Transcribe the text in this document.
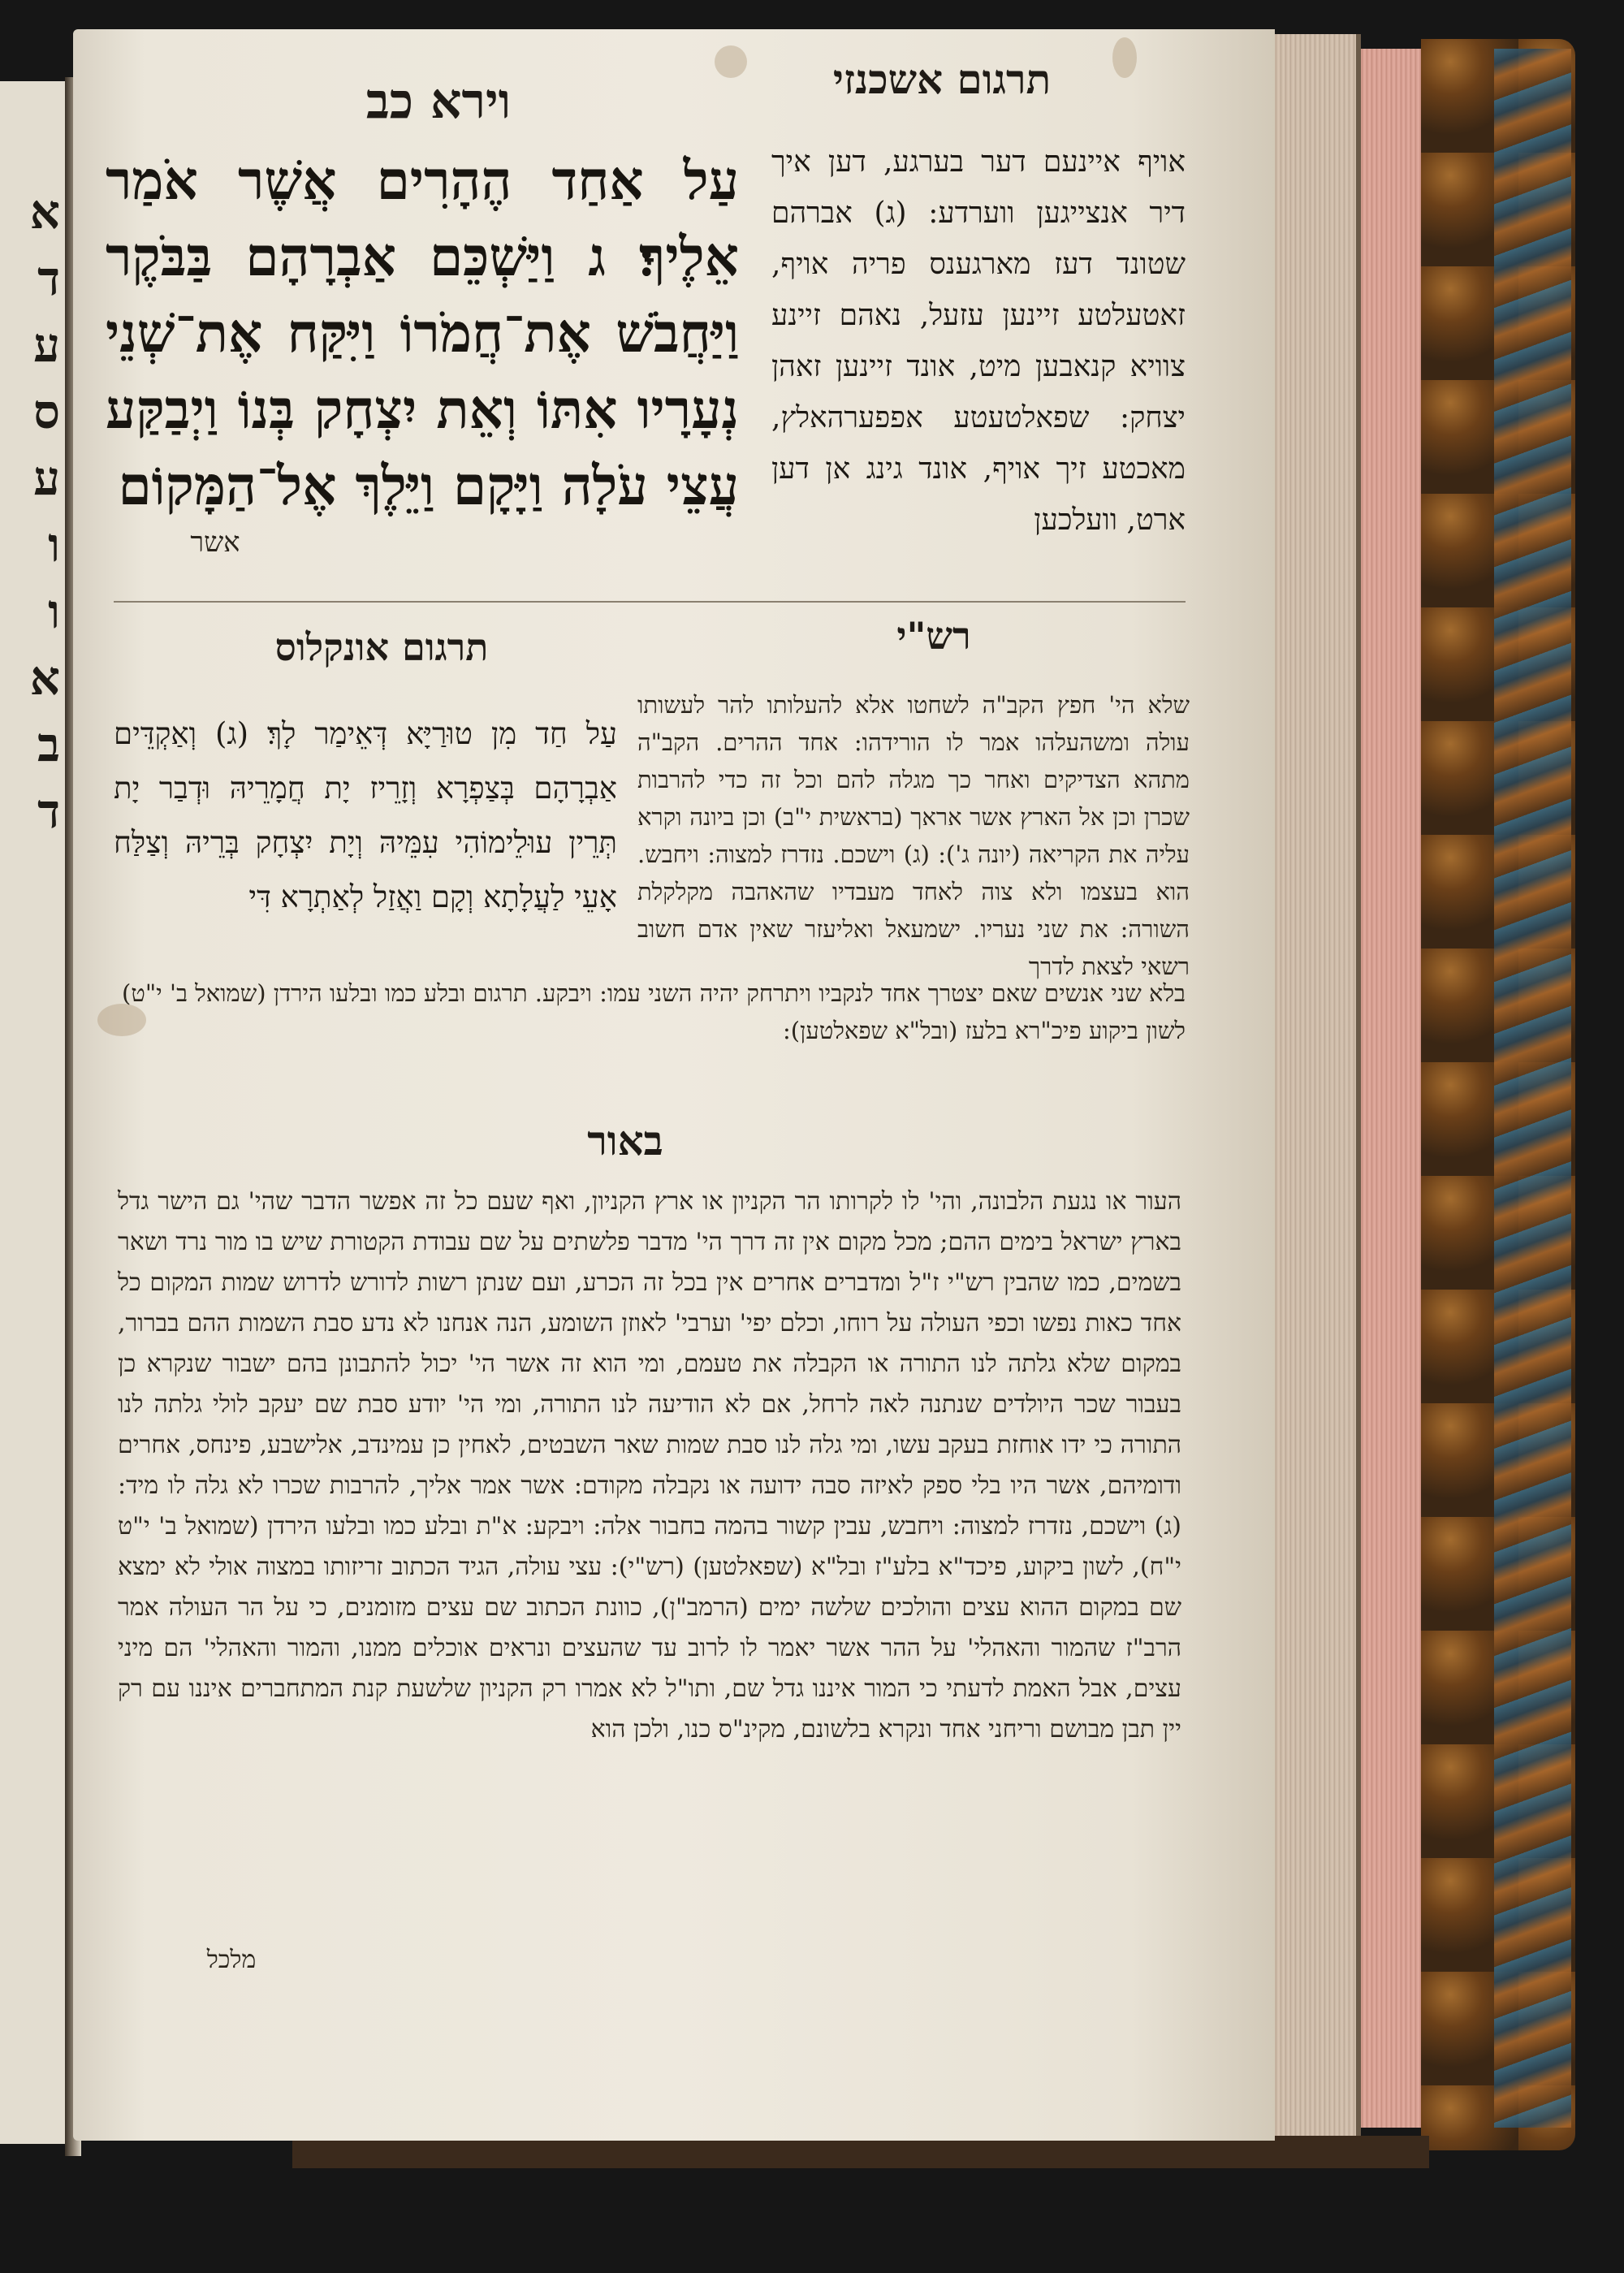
א
ד
ע
ס
ע
ו
ו
א
ב
ד
וירא כב	תרגום אשכנזי
עַל אַחַד הֶהָרִים אֲשֶׁר אֹמַר אֵלֶיךָ׃ ג וַיַּשְׁכֵּם אַבְרָהָם בַּבֹּקֶר וַיַּחֲבֹשׁ אֶת־חֲמֹרוֹ וַיִּקַּח אֶת־שְׁנֵי נְעָרָיו אִתּוֹ וְאֵת יִצְחָק בְּנוֹ וַיְבַקַּע עֲצֵי עֹלָה וַיָּקָם וַיֵּלֶךְ אֶל־הַמָּקוֹם
אשר
אויף איינעם דער בערגע, דען איך דיר אנצייגען ווערדע: (ג) אברהם שטונד דעז מארגענס פריה אויף, זאטעלטע זיינען עזעל, נאהם זיינע צוויא קנאבען מיט, אונד זיינען זאהן יצחק: שפאלטעטע אפפערהאלץ, מאכטע זיך אויף, אונד גינג אן דען ארט, וועלכען
תרגום אונקלוס	רש"י
עַל חַד מִן טוּרַיָּא דְּאֵימַר לָךְ׃ (ג) וְאַקְדֵּים אַבְרָהָם בְּצַפְרָא וְזָרֵיז יָת חֲמָרֵיהּ וּדְבַר יָת תְּרֵין עוּלֵימוֹהִי עִמֵּיהּ וְיָת יִצְחָק בְּרֵיהּ וְצַלַּח אָעֵי לַעֲלָתָא וְקָם וַאֲזַל לְאַתְרָא דִּי
שלא הי' חפץ הקב"ה לשחטו אלא להעלותו להר לעשותו עולה ומשהעלהו אמר לו הורידהו: אחד ההרים. הקב"ה מתהא הצדיקים ואחר כך מגלה להם וכל זה כדי להרבות שכרן וכן אל הארץ אשר אראך (בראשית י"ב) וכן ביונה וקרא עליה את הקריאה (יונה ג'): (ג) וישכם. נזדרז למצוה: ויחבש. הוא בעצמו ולא צוה לאחד מעבדיו שהאהבה מקלקלת השורה: את שני נעריו. ישמעאל ואליעזר שאין אדם חשוב רשאי לצאת לדרך
בלא שני אנשים שאם יצטרך אחד לנקביו ויתרחק יהיה השני עמו: ויבקע. תרגום ובלע כמו ובלעו הירדן (שמואל ב' י"ט) לשון ביקוע פיכ"רא בלעז (ובל"א שפאלטען):
באור
העור או נגעת הלבונה, והי' לו לקרותו הר הקניון או ארץ הקניון, ואף שעם כל זה אפשר הדבר שהי' גם הישר גדל בארץ ישראל בימים ההם; מכל מקום אין זה דרך הי' מדבר פלשתים על שם עבודת הקטורת שיש בו מור נרד ושאר בשמים, כמו שהבין רש"י ז"ל ומדברים אחרים אין בכל זה הכרע, ועם שנתן רשות לדורש לדרוש שמות המקום כל אחד כאות נפשו וכפי העולה על רוחו, וכלם יפי' וערבי' לאוזן השומע, הנה אנחנו לא נדע סבת השמות ההם בברור, במקום שלא גלתה לנו התורה או הקבלה את טעמם, ומי הוא זה אשר הי' יכול להתבונן בהם ישבור שנקרא כן בעבור שכר היולדים שנתנה לאה לרחל, אם לא הודיעה לנו התורה, ומי הי' יודע סבת שם יעקב לולי גלתה לנו התורה כי ידו אוחזת בעקב עשו, ומי גלה לנו סבת שמות שאר השבטים, לאחין כן עמינדב, אלישבע, פינחס, אחרים ודומיהם, אשר היו בלי ספק לאיזה סבה ידועה או נקבלה מקודם: אשר אמר אליך, להרבות שכרו לא גלה לו מיד: (ג) וישכם, נזדרז למצוה: ויחבש, עבין קשור בהמה בחבור אלה: ויבקע: א"ת ובלע כמו ובלעו הירדן (שמואל ב' י"ט י"ח), לשון ביקוע, פיכד"א בלע"ז ובל"א (שפאלטען) (רש"י): עצי עולה, הגיד הכתוב זריזותו במצוה אולי לא ימצא שם במקום ההוא עצים והולכים שלשה ימים (הרמב"ן), כוונת הכתוב שם עצים מזומנים, כי על הר העולה אמר הרב"ז שהמור והאהלי' על ההר אשר יאמר לו לרוב עד שהעצים ונראים אוכלים ממנו, והמור והאהלי' הם מיני עצים, אבל האמת לדעתי כי המור איננו גדל שם, ותו"ל לא אמרו רק הקניון שלשעת קנת המתחברים איננו עם רק יין תבן מבושם וריחני אחד ונקרא בלשונם, מקינ"ס כנו, ולכן הוא
מלכל
